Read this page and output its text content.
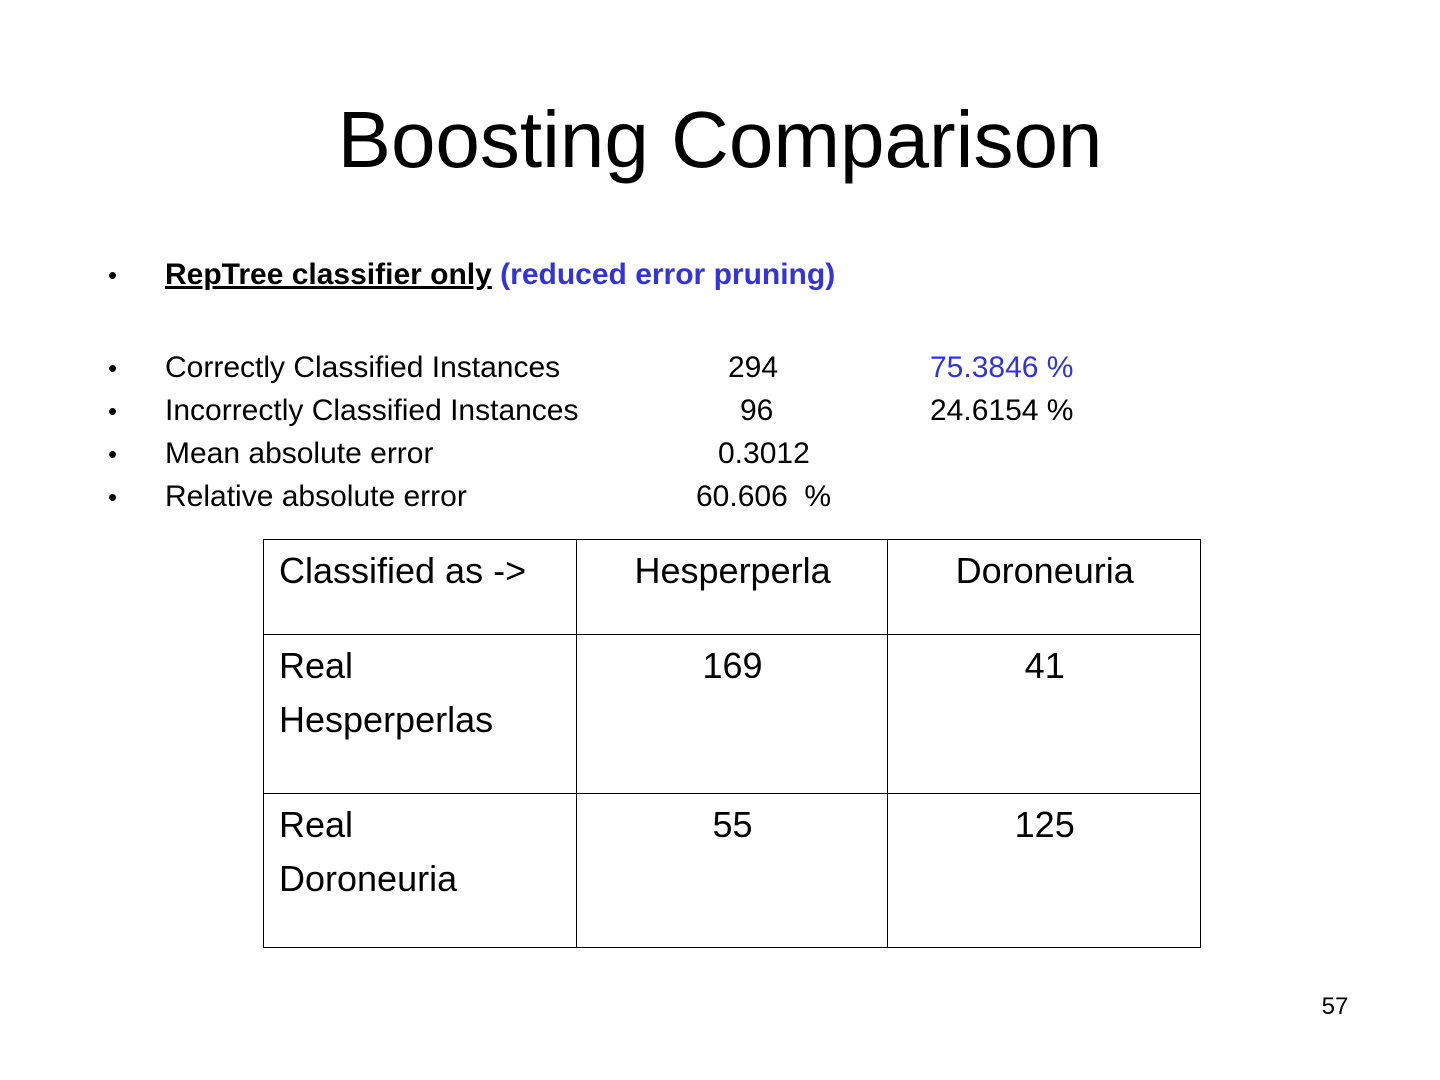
Boosting Comparison
• RepTree classifier only (reduced error pruning)
• Correctly Classified Instances	294	75.3846 %
• Incorrectly Classified Instances	96	24.6154 %
• Mean absolute error	0.3012
• Relative absolute error	60.606  %
Classified as ->	Hesperperla	Doroneuria

Real
Hesperperlas	169	41

Real
Doroneuria	55	125
57
